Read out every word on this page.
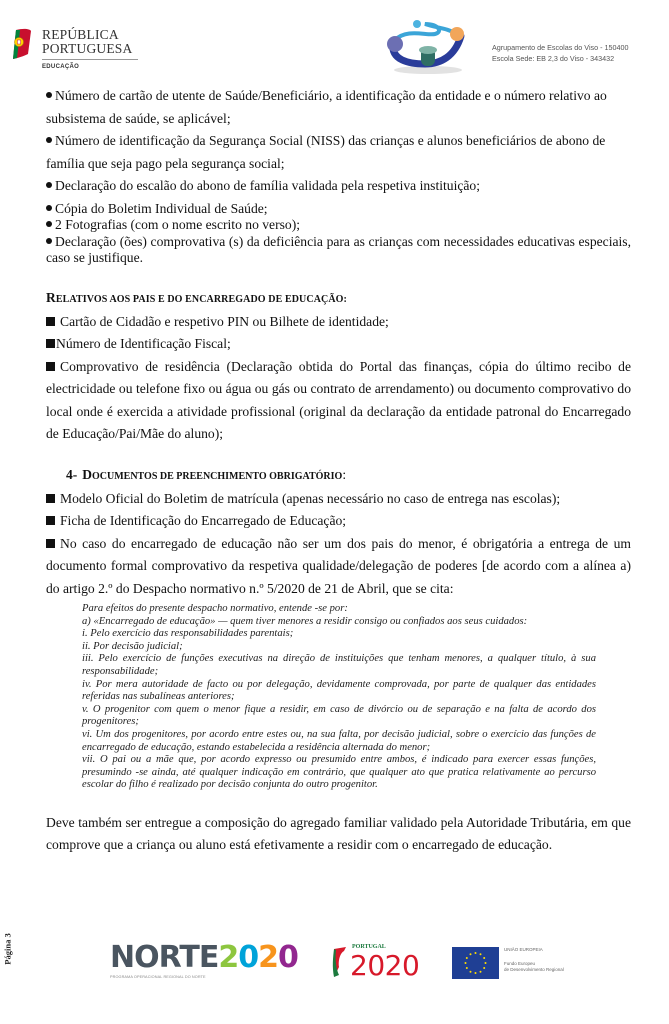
REPÚBLICA
PORTUGUESA
EDUCAÇÃO
Agrupamento de Escolas do Viso - 150400
Escola Sede: EB 2,3 do Viso - 343432

Número de cartão de utente de Saúde/Beneficiário, a identificação da entidade e o número relativo ao subsistema de saúde, se aplicável;

Número de identificação da Segurança Social (NISS) das crianças e alunos beneficiários de abono de família que seja pago pela segurança social;

Declaração do escalão do abono de família validada pela respetiva instituição;

Cópia do Boletim Individual de Saúde;

2 Fotografias (com o nome escrito no verso);

Declaração (ões) comprovativa (s) da deficiência para as crianças com necessidades educativas especiais, caso se justifique.

RELATIVOS AOS PAIS E DO ENCARREGADO DE EDUCAÇÃO:

Cartão de Cidadão e respetivo PIN ou Bilhete de identidade;

Número de Identificação Fiscal;

Comprovativo de residência (Declaração obtida do Portal das finanças, cópia do último recibo de electricidade ou telefone fixo ou água ou gás ou contrato de arrendamento) ou documento comprovativo do local onde é exercida a atividade profissional (original da declaração da entidade patronal do Encarregado de Educação/Pai/Mãe do aluno);

4- DOCUMENTOS DE PREENCHIMENTO OBRIGATÓRIO:

Modelo Oficial do Boletim de matrícula (apenas necessário no caso de entrega nas escolas);

Ficha de Identificação do Encarregado de Educação;

No caso do encarregado de educação não ser um dos pais do menor, é obrigatória a entrega de um documento formal comprovativo da respetiva qualidade/delegação de poderes [de acordo com a alínea a) do artigo 2.º do Despacho normativo n.º 5/2020 de 21 de Abril, que se cita:

Para efeitos do presente despacho normativo, entende -se por:
a) «Encarregado de educação» — quem tiver menores a residir consigo ou confiados aos seus cuidados:
i. Pelo exercício das responsabilidades parentais;
ii. Por decisão judicial;
iii. Pelo exercício de funções executivas na direção de instituições que tenham menores, a qualquer título, à sua responsabilidade;
iv. Por mera autoridade de facto ou por delegação, devidamente comprovada, por parte de qualquer das entidades referidas nas subalíneas anteriores;
v. O progenitor com quem o menor fique a residir, em caso de divórcio ou de separação e na falta de acordo dos progenitores;
vi. Um dos progenitores, por acordo entre estes ou, na sua falta, por decisão judicial, sobre o exercício das funções de encarregado de educação, estando estabelecida a residência alternada do menor;
vii. O pai ou a mãe que, por acordo expresso ou presumido entre ambos, é indicado para exercer essas funções, presumindo -se ainda, até qualquer indicação em contrário, que qualquer ato que pratica relativamente ao percurso escolar do filho é realizado por decisão conjunta do outro progenitor.

Deve também ser entregue a composição do agregado familiar validado pela Autoridade Tributária, em que comprove que a criança ou aluno está efetivamente a residir com o encarregado de educação.

Página 3	NORTE2020
PROGRAMA OPERACIONAL REGIONAL DO NORTE
PORTUGAL
2020	UNIÃO EUROPEIA
Fundo Europeu
de Desenvolvimento Regional
